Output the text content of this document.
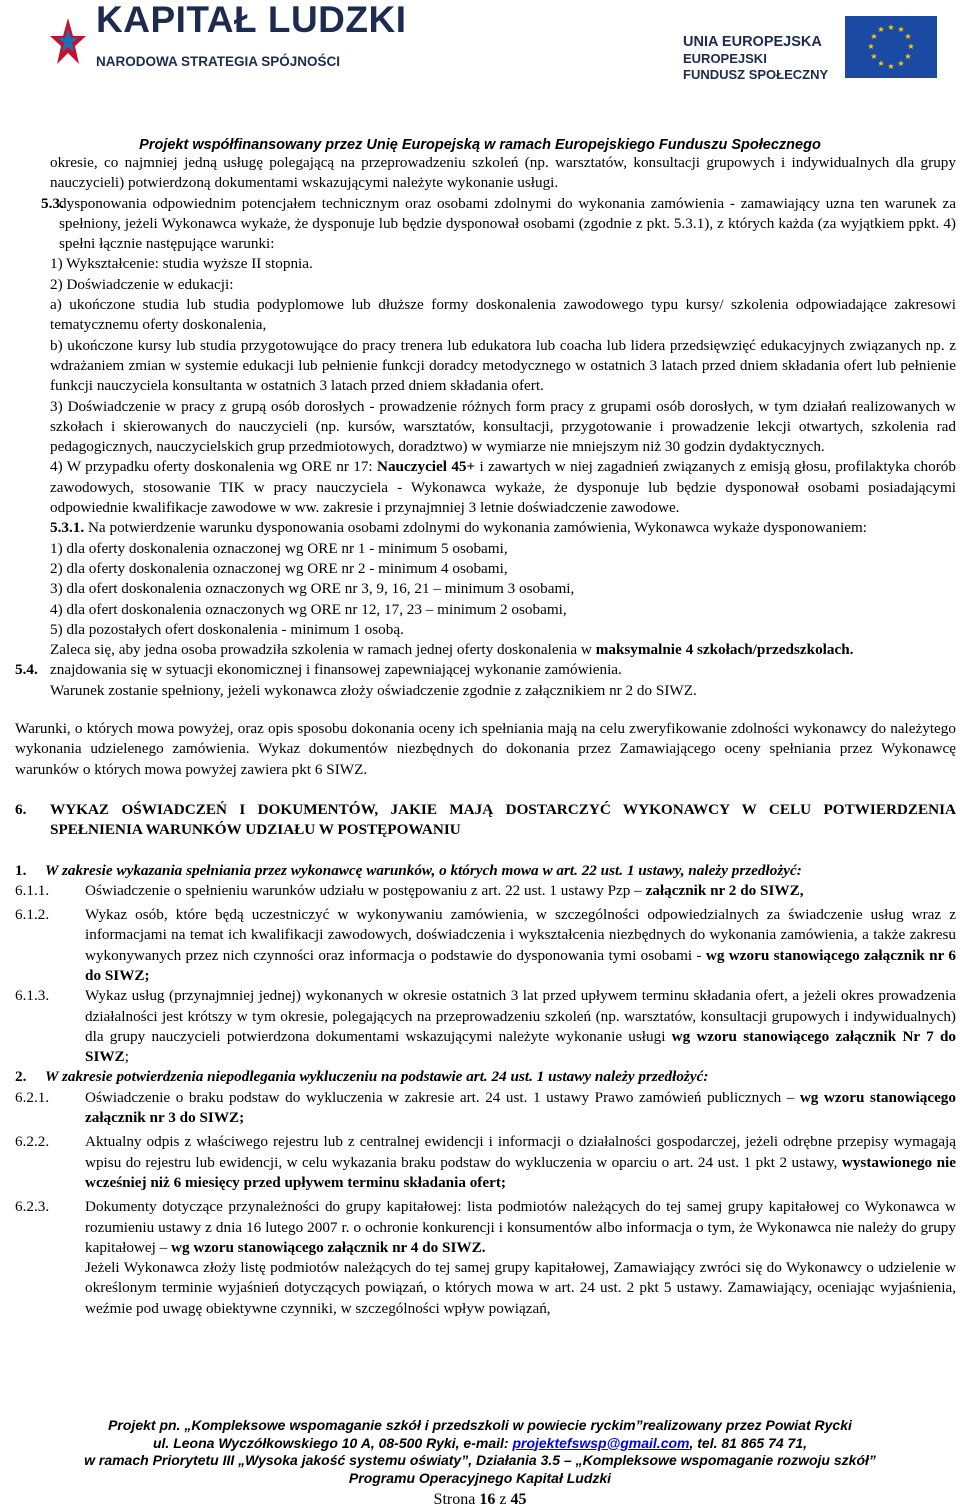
KAPITAŁ LUDZKI
NARODOWA STRATEGIA SPÓJNOŚCI
UNIA EUROPEJSKA
EUROPEJSKI
FUNDUSZ SPOŁECZNY
★ ★
★
★
★
★
★
★
★
★
★
★
Projekt współfinansowany przez Unię Europejską w ramach Europejskiego Funduszu Społecznego

okresie, co najmniej jedną usługę polegającą na przeprowadzeniu szkoleń (np. warsztatów, konsultacji grupowych i indywidualnych dla grupy nauczycieli) potwierdzoną dokumentami wskazującymi należyte wykonanie usługi.

5.3.

dysponowania odpowiednim potencjałem technicznym oraz osobami zdolnymi do wykonania zamówienia - zamawiający uzna ten warunek za spełniony, jeżeli Wykonawca wykaże, że dysponuje lub będzie dysponował osobami (zgodnie z pkt. 5.3.1), z których każda (za wyjątkiem ppkt. 4) spełni łącznie następujące warunki:

1) Wykształcenie: studia wyższe II stopnia.

2) Doświadczenie w edukacji:

a) ukończone studia lub studia podyplomowe lub dłuższe formy doskonalenia zawodowego typu kursy/ szkolenia odpowiadające zakresowi tematycznemu oferty doskonalenia,

b) ukończone kursy lub studia przygotowujące do pracy trenera lub edukatora lub coacha lub lidera przedsięwzięć edukacyjnych związanych np. z wdrażaniem zmian w systemie edukacji lub pełnienie funkcji doradcy metodycznego w ostatnich 3 latach przed dniem składania ofert lub pełnienie funkcji nauczyciela konsultanta w ostatnich 3 latach przed dniem składania ofert.

3) Doświadczenie w pracy z grupą osób dorosłych - prowadzenie różnych form pracy z grupami osób dorosłych, w tym działań realizowanych w szkołach i skierowanych do nauczycieli (np. kursów, warsztatów, konsultacji, przygotowanie i prowadzenie lekcji otwartych, szkolenia rad pedagogicznych, nauczycielskich grup przedmiotowych, doradztwo) w wymiarze nie mniejszym niż 30 godzin dydaktycznych.

4) W przypadku oferty doskonalenia wg ORE nr 17: Nauczyciel 45+ i zawartych w niej zagadnień związanych z emisją głosu, profilaktyka chorób zawodowych, stosowanie TIK w pracy nauczyciela - Wykonawca wykaże, że dysponuje lub będzie dysponował osobami posiadającymi odpowiednie kwalifikacje zawodowe w ww. zakresie i przynajmniej 3 letnie doświadczenie zawodowe.

5.3.1. Na potwierdzenie warunku dysponowania osobami zdolnymi do wykonania zamówienia, Wykonawca wykaże dysponowaniem:

1) dla oferty doskonalenia oznaczonej wg ORE nr 1 - minimum 5 osobami,

2) dla oferty doskonalenia oznaczonej wg ORE nr 2 - minimum 4 osobami,

3) dla ofert doskonalenia oznaczonych wg ORE nr 3, 9, 16, 21 – minimum 3 osobami,

4) dla ofert doskonalenia oznaczonych wg ORE nr 12, 17, 23 – minimum 2 osobami,

5) dla pozostałych ofert doskonalenia - minimum 1 osobą.

Zaleca się, aby jedna osoba prowadziła szkolenia w ramach jednej oferty doskonalenia w maksymalnie 4 szkołach/przedszkolach.

5.4. znajdowania się w sytuacji ekonomicznej i finansowej zapewniającej wykonanie zamówienia.

Warunek zostanie spełniony, jeżeli wykonawca złoży oświadczenie zgodnie z załącznikiem nr 2 do SIWZ.

Warunki, o których mowa powyżej, oraz opis sposobu dokonania oceny ich spełniania mają na celu zweryfikowanie zdolności wykonawcy do należytego wykonania udzielenego zamówienia. Wykaz dokumentów niezbędnych do dokonania przez Zamawiającego oceny spełniania przez Wykonawcę warunków o których mowa powyżej zawiera pkt 6 SIWZ.

6.	WYKAZ OŚWIADCZEŃ I DOKUMENTÓW, JAKIE MAJĄ DOSTARCZYĆ WYKONAWCY W CELU POTWIERDZENIA SPEŁNIENIA WARUNKÓW UDZIAŁU W POSTĘPOWANIU

1.	W zakresie wykazania spełniania przez wykonawcę warunków, o których mowa w art. 22 ust. 1 ustawy, należy przedłożyć:

6.1.1.	Oświadczenie o spełnieniu warunków udziału w postępowaniu z art. 22 ust. 1 ustawy Pzp – załącznik nr 2 do SIWZ,

6.1.2.	Wykaz osób, które będą uczestniczyć w wykonywaniu zamówienia, w szczególności odpowiedzialnych za świadczenie usług wraz z informacjami na temat ich kwalifikacji zawodowych, doświadczenia i wykształcenia niezbędnych do wykonania zamówienia, a także zakresu wykonywanych przez nich czynności oraz informacja o podstawie do dysponowania tymi osobami - wg wzoru stanowiącego załącznik nr 6 do SIWZ;

6.1.3.	Wykaz usług (przynajmniej jednej) wykonanych w okresie ostatnich 3 lat przed upływem terminu składania ofert, a jeżeli okres prowadzenia działalności jest krótszy w tym okresie, polegających na przeprowadzeniu szkoleń (np. warsztatów, konsultacji grupowych i indywidualnych) dla grupy nauczycieli potwierdzona dokumentami wskazującymi należyte wykonanie usługi wg wzoru stanowiącego załącznik Nr 7 do SIWZ;

2.	W zakresie potwierdzenia niepodlegania wykluczeniu na podstawie art. 24 ust. 1 ustawy należy przedłożyć:

6.2.1.	Oświadczenie o braku podstaw do wykluczenia w zakresie art. 24 ust. 1 ustawy Prawo zamówień publicznych – wg wzoru stanowiącego załącznik nr 3 do SIWZ;

6.2.2.	Aktualny odpis z właściwego rejestru lub z centralnej ewidencji i informacji o działalności gospodarczej, jeżeli odrębne przepisy wymagają wpisu do rejestru lub ewidencji, w celu wykazania braku podstaw do wykluczenia w oparciu o art. 24 ust. 1 pkt 2 ustawy, wystawionego nie wcześniej niż 6 miesięcy przed upływem terminu składania ofert;

6.2.3.	Dokumenty dotyczące przynależności do grupy kapitałowej: lista podmiotów należących do tej samej grupy kapitałowej co Wykonawca w rozumieniu ustawy z dnia 16 lutego 2007 r. o ochronie konkurencji i konsumentów albo informacja o tym, że Wykonawca nie należy do grupy kapitałowej – wg wzoru stanowiącego załącznik nr 4 do SIWZ.

Jeżeli Wykonawca złoży listę podmiotów należących do tej samej grupy kapitałowej, Zamawiający zwróci się do Wykonawcy o udzielenie w określonym terminie wyjaśnień dotyczących powiązań, o których mowa w art. 24 ust. 2 pkt 5 ustawy. Zamawiający, oceniając wyjaśnienia, weźmie pod uwagę obiektywne czynniki, w szczególności wpływ powiązań,

Projekt pn. „Kompleksowe wspomaganie szkół i przedszkoli w powiecie ryckim”realizowany przez Powiat Rycki
ul. Leona Wyczółkowskiego 10 A, 08-500 Ryki, e-mail: projektefswsp@gmail.com, tel. 81 865 74 71,
w ramach Priorytetu III „Wysoka jakość systemu oświaty”, Działania 3.5 – „Kompleksowe wspomaganie rozwoju szkół”
Programu Operacyjnego Kapitał Ludzki
Strona 16 z 45
